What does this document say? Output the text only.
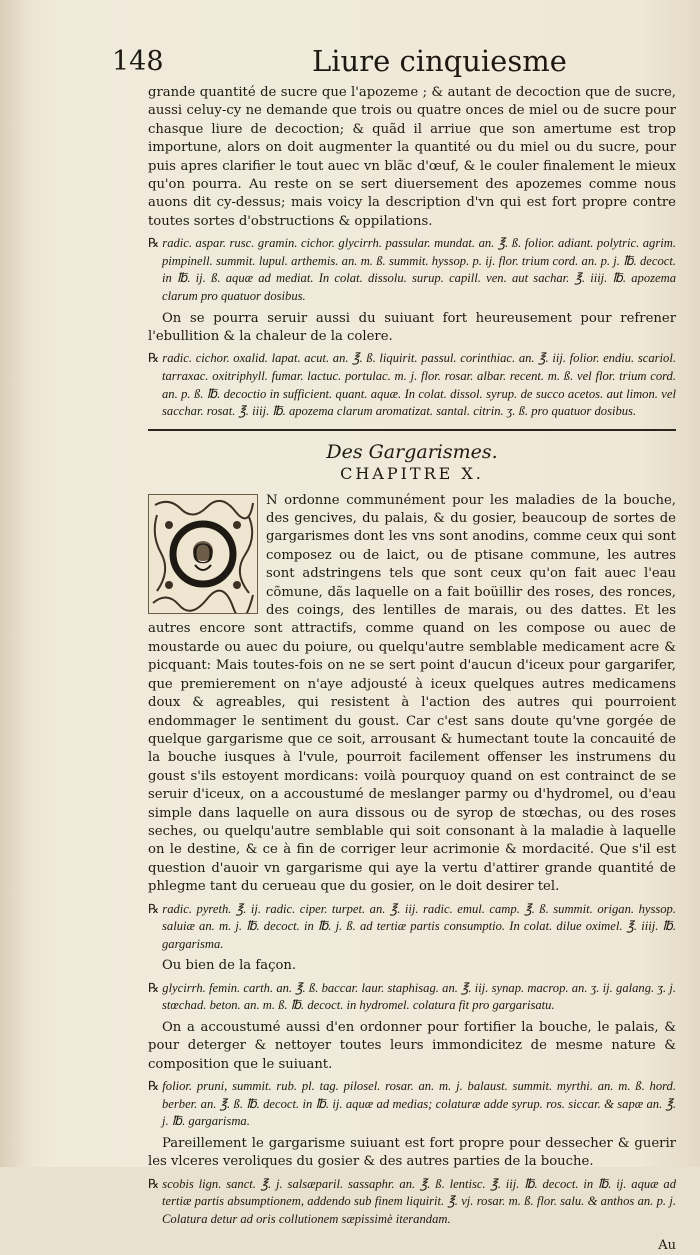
148	Liure cinquiesme

grande quantité de sucre que l'apozeme ; & autant de decoction que de sucre, aussi celuy-cy ne demande que trois ou quatre onces de miel ou de sucre pour chasque liure de decoction; & quãd il arriue que son amertume est trop importune, alors on doit augmenter la quantité ou du miel ou du sucre, pour puis apres clarifier le tout auec vn blãc d'œuf, & le couler finalement le mieux qu'on pourra. Au reste on se sert diuersement des apozemes comme nous auons dit cy-dessus; mais voicy la description d'vn qui est fort propre contre toutes sortes d'obstructions & oppilations.

℞ radic. aspar. rusc. gramin. cichor. glycirrh. passular. mundat. an. ℥. ß. folior. adiant. polytric. agrim. pimpinell. summit. lupul. arthemis. an. m. ß. summit. hyssop. p. ij. flor. trium cord. an. p. j. ℔. decoct. in ℔. ij. ß. aquæ ad mediat. In colat. dissolu. surup. capill. ven. aut sachar. ℥. iiij. ℔. apozema clarum pro quatuor dosibus.

On se pourra seruir aussi du suiuant fort heureusement pour refrener l'ebullition & la chaleur de la colere.

℞ radic. cichor. oxalid. lapat. acut. an. ℥. ß. liquirit. passul. corinthiac. an. ℥. iij. folior. endiu. scariol. tarraxac. oxitriphyll. fumar. lactuc. portulac. m. j. flor. rosar. albar. recent. m. ß. vel flor. trium cord. an. p. ß. ℔. decoctio in sufficient. quant. aquæ. In colat. dissol. syrup. de succo acetos. aut limon. vel sacchar. rosat. ℥. iiij. ℔. apozema clarum aromatizat. santal. citrin. ʒ. ß. pro quatuor dosibus.

Des Gargarismes.
CHAPITRE X.
O

N ordonne communément pour les maladies de la bouche, des gencives, du palais, & du gosier, beaucoup de sortes de gargarismes dont les vns sont anodins, comme ceux qui sont composez ou de laict, ou de ptisane commune, les autres sont adstringens tels que sont ceux qu'on fait auec l'eau cõmune, dãs laquelle on a fait boüillir des roses, des ronces, des coings, des lentilles de marais, ou des dattes. Et les autres encore sont attractifs, comme quand on les compose ou auec de moustarde ou auec du poiure, ou quelqu'autre semblable medicament acre & picquant: Mais toutes-fois on ne se sert point d'aucun d'iceux pour gargarifer, que premierement on n'aye adjousté à iceux quelques autres medicamens doux & agreables, qui resistent à l'action des autres qui pourroient endommager le sentiment du goust. Car c'est sans doute qu'vne gorgée de quelque gargarisme que ce soit, arrousant & humectant toute la concauité de la bouche iusques à l'vule, pourroit facilement offenser les instrumens du goust s'ils estoyent mordicans: voilà pourquoy quand on est contrainct de se seruir d'iceux, on a accoustumé de meslanger parmy ou d'hydromel, ou d'eau simple dans laquelle on aura dissous ou de syrop de stœchas, ou des roses seches, ou quelqu'autre semblable qui soit consonant à la maladie à laquelle on le destine, & ce à fin de corriger leur acrimonie & mordacité. Que s'il est question d'auoir vn gargarisme qui aye la vertu d'attirer grande quantité de phlegme tant du cerueau que du gosier, on le doit desirer tel.

℞ radic. pyreth. ℥. ij. radic. ciper. turpet. an. ℥. iij. radic. emul. camp. ℥. ß. summit. origan. hyssop. saluiæ an. m. j. ℔. decoct. in ℔. j. ß. ad tertiæ partis consumptio. In colat. dilue oximel. ℥. iiij. ℔. gargarisma.

Ou bien de la façon.

℞ glycirrh. femin. carth. an. ℥. ß. baccar. laur. staphisag. an. ℥. iij. synap. macrop. an. ʒ. ij. galang. ʒ. j. stœchad. beton. an. m. ß. ℔. decoct. in hydromel. colatura fit pro gargarisatu.

On a accoustumé aussi d'en ordonner pour fortifier la bouche, le palais, & pour deterger & nettoyer toutes leurs immondicitez de mesme nature & composition que le suiuant.

℞ folior. pruni, summit. rub. pl. tag. pilosel. rosar. an. m. j. balaust. summit. myrthi. an. m. ß. hord. berber. an. ℥. ß. ℔. decoct. in ℔. ij. aquæ ad medias; colaturæ adde syrup. ros. siccar. & sapæ an. ℥. j. ℔. gargarisma.

Pareillement le gargarisme suiuant est fort propre pour dessecher & guerir les vlceres veroliques du gosier & des autres parties de la bouche.

℞ scobis lign. sanct. ℥. j. salsæparil. sassaphr. an. ℥. ß. lentisc. ℥. iij. ℔. decoct. in ℔. ij. aquæ ad tertiæ partis absumptionem, addendo sub finem liquirit. ℥. vj. rosar. m. ß. flor. salu. & anthos an. p. j. Colatura detur ad oris collutionem sæpissimè iterandam.

Au
